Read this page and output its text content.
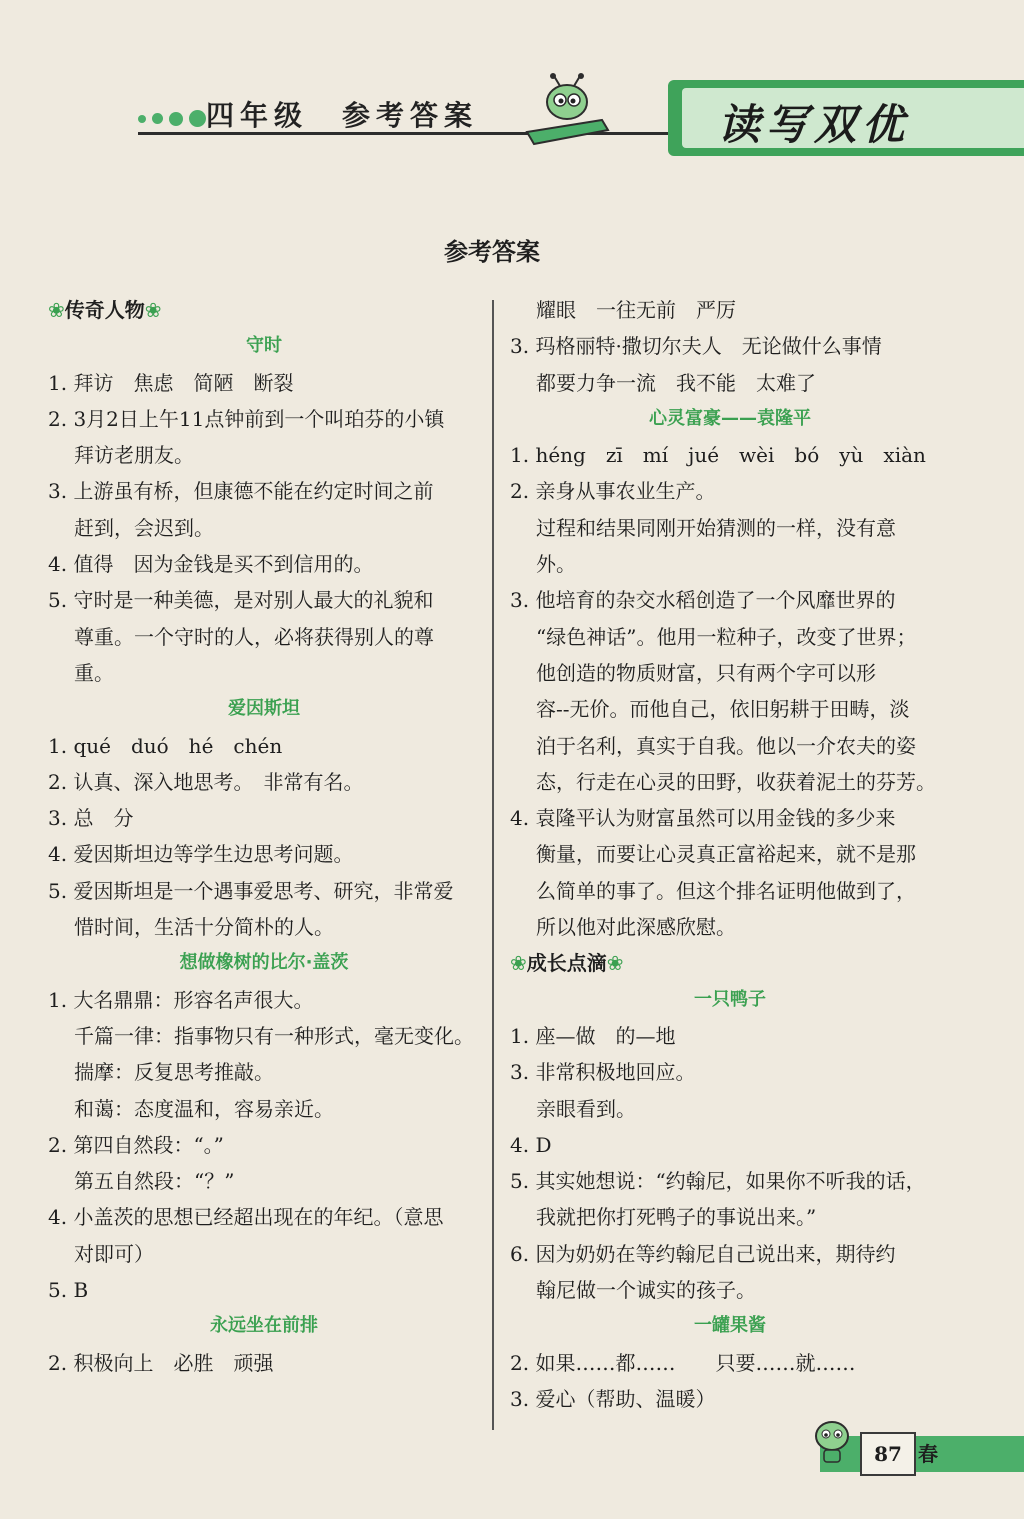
四年级　 参考答案	读写双优
参考答案
❀传奇人物❀
守时
1. 拜访　焦虑　简陋　断裂
2. 3月2日上午11点钟前到一个叫珀芬的小镇
拜访老朋友。
3. 上游虽有桥，但康德不能在约定时间之前
赶到，会迟到。
4. 值得　因为金钱是买不到信用的。
5. 守时是一种美德，是对别人最大的礼貌和
尊重。一个守时的人，必将获得别人的尊
重。
爱因斯坦
1. qué　duó　hé　chén
2. 认真、深入地思考。　非常有名。
3. 总　分
4. 爱因斯坦边等学生边思考问题。
5. 爱因斯坦是一个遇事爱思考、研究，非常爱
惜时间，生活十分简朴的人。
想做橡树的比尔·盖茨
1. 大名鼎鼎：形容名声很大。
千篇一律：指事物只有一种形式，毫无变化。
揣摩：反复思考推敲。
和蔼：态度温和，容易亲近。
2. 第四自然段：“。”
第五自然段：“？”
4. 小盖茨的思想已经超出现在的年纪。（意思
对即可）
5. B
永远坐在前排
2. 积极向上　必胜　顽强
耀眼　一往无前　严厉
3. 玛格丽特·撒切尔夫人　无论做什么事情
都要力争一流　我不能　太难了
心灵富豪——袁隆平
1. héng　zī　mí　jué　wèi　bó　yù　xiàn
2. 亲身从事农业生产。
过程和结果同刚开始猜测的一样，没有意
外。
3. 他培育的杂交水稻创造了一个风靡世界的
“绿色神话”。他用一粒种子，改变了世界；
他创造的物质财富，只有两个字可以形
容--无价。而他自己，依旧躬耕于田畴，淡
泊于名利，真实于自我。他以一介农夫的姿
态，行走在心灵的田野，收获着泥土的芬芳。
4. 袁隆平认为财富虽然可以用金钱的多少来
衡量，而要让心灵真正富裕起来，就不是那
么简单的事了。但这个排名证明他做到了，
所以他对此深感欣慰。
❀成长点滴❀
一只鸭子
1. 座—做　的—地
3. 非常积极地回应。
亲眼看到。
4. D
5. 其实她想说：“约翰尼，如果你不听我的话，
我就把你打死鸭子的事说出来。”
6. 因为奶奶在等约翰尼自己说出来，期待约
翰尼做一个诚实的孩子。
一罐果酱
2. 如果……都……　　只要……就……
3. 爱心（帮助、温暖）
87 春
